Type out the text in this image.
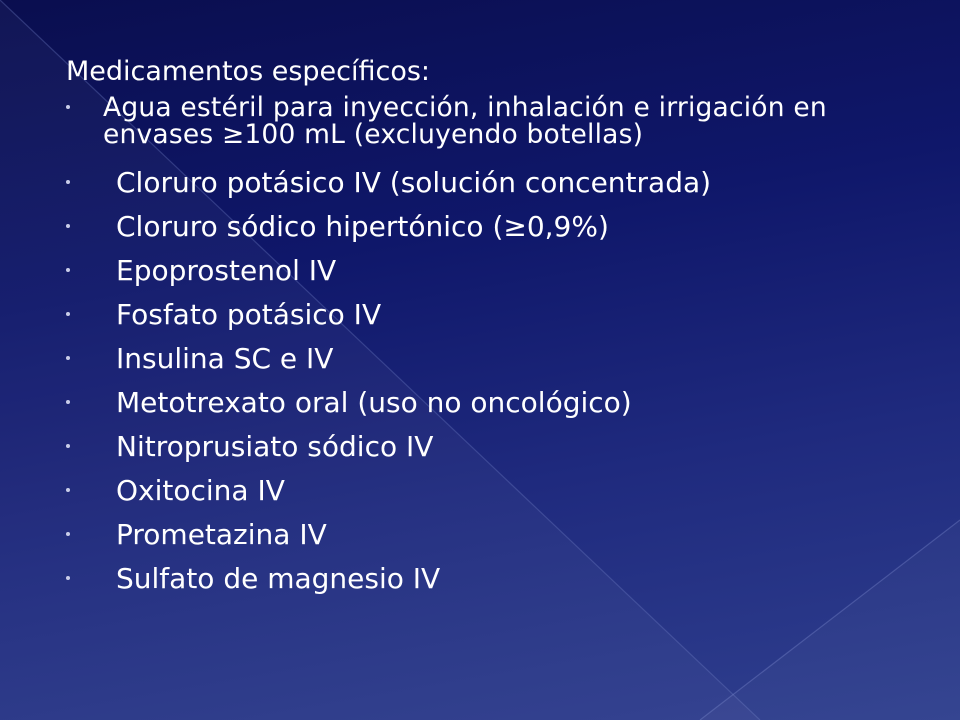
Medicamentos específicos:
Agua estéril para inyección, inhalación e irrigación en envases ≥100 mL (excluyendo botellas)
Cloruro potásico IV (solución concentrada)
Cloruro sódico hipertónico (≥0,9%)
Epoprostenol IV
Fosfato potásico IV
Insulina SC e IV
Metotrexato oral (uso no oncológico)
Nitroprusiato sódico IV
Oxitocina IV
Prometazina IV
Sulfato de magnesio IV
